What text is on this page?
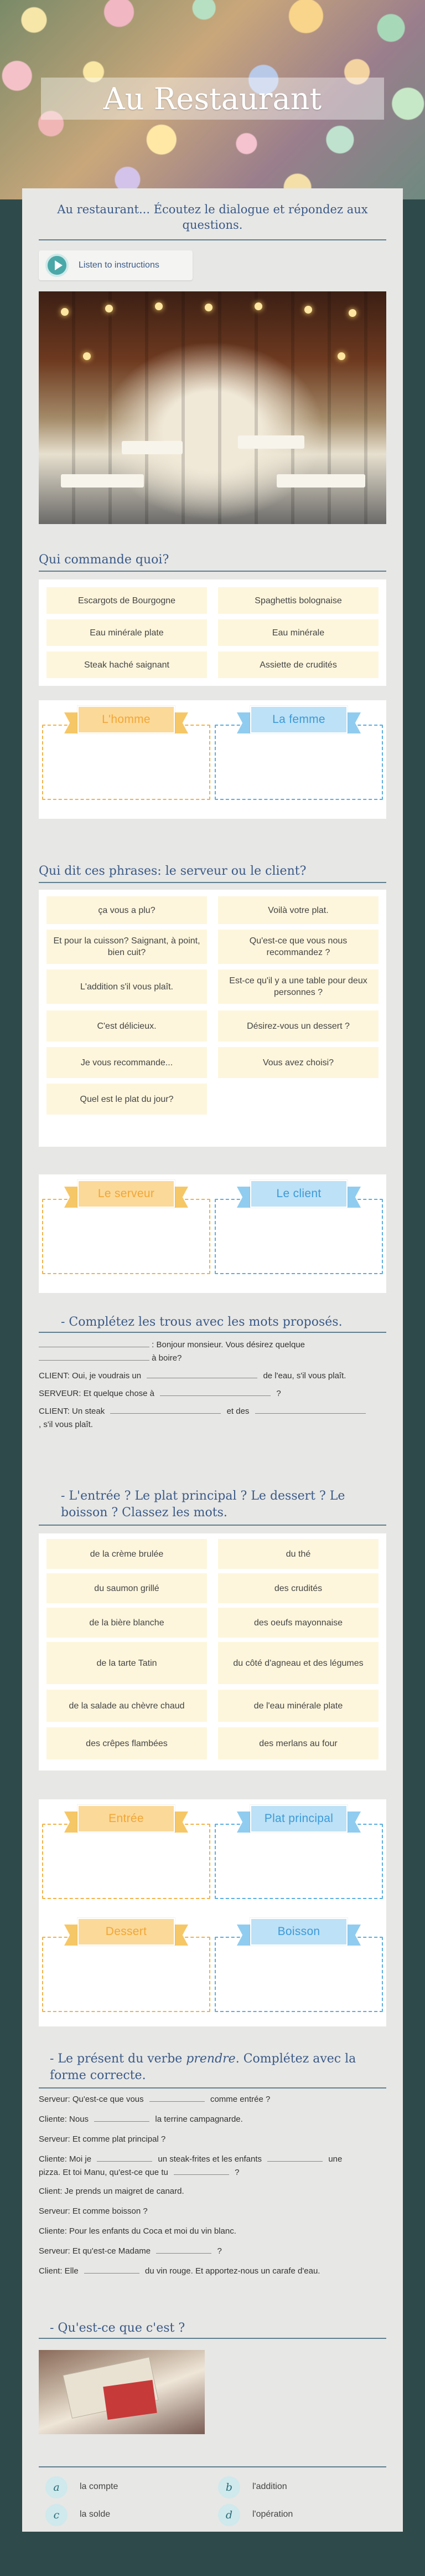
Au Restaurant
Au restaurant... Écoutez le dialogue et répondez aux questions.
Listen to instructions
Qui commande quoi?
Escargots de Bourgogne	Spaghettis bolognaise
Eau minérale plate	Eau minérale
Steak haché saignant	Assiette de crudités
L'homme	La femme
Qui dit ces phrases: le serveur ou le client?
ça vous a plu?	Voilà votre plat.
Et pour la cuisson? Saignant, à point, bien cuit?
Qu'est-ce que vous nous recommandez ?
L'addition s'il vous plaît.
Est-ce qu'il y a une table pour deux personnes ?
C'est délicieux.	Désirez-vous un dessert ?
Je vous recommande...	Vous avez choisi?
Quel est le plat du jour?
Le serveur	Le client
- Complétez les trous avec les mots proposés.
: Bonjour monsieur. Vous désirez quelque
à boire?
CLIENT: Oui, je voudrais un	de l'eau, s'il vous plaît.
SERVEUR: Et quelque chose à	?
CLIENT: Un steak	et des
, s'il vous plaît.
- L'entrée ? Le plat principal ? Le dessert ? Le boisson ? Classez les mots.
de la crème brulée	du thé
du saumon grillé	des crudités
de la bière blanche	des oeufs mayonnaise
de la tarte Tatin	du côté d'agneau et des légumes
de la salade au chèvre chaud	de l'eau minérale plate
des crêpes flambées	des merlans au four
Entrée	Plat principal
Dessert	Boisson
- Le présent du verbe prendre. Complétez avec la forme correcte.
Serveur: Qu'est-ce que vous	comme entrée ?
Cliente: Nous	la terrine campagnarde.
Serveur: Et comme plat principal ?
Cliente: Moi je	un steak-frites et les enfants	une
pizza. Et toi Manu, qu'est-ce que tu	?
Client: Je prends un maigret de canard.
Serveur: Et comme boisson ?
Cliente: Pour les enfants du Coca et moi du vin blanc.
Serveur: Et qu'est-ce Madame	?
Client: Elle	du vin rouge. Et apportez-nous un carafe d'eau.
- Qu'est-ce que c'est ?
a	la compte	b	l'addition
c	la solde	d	l'opération
